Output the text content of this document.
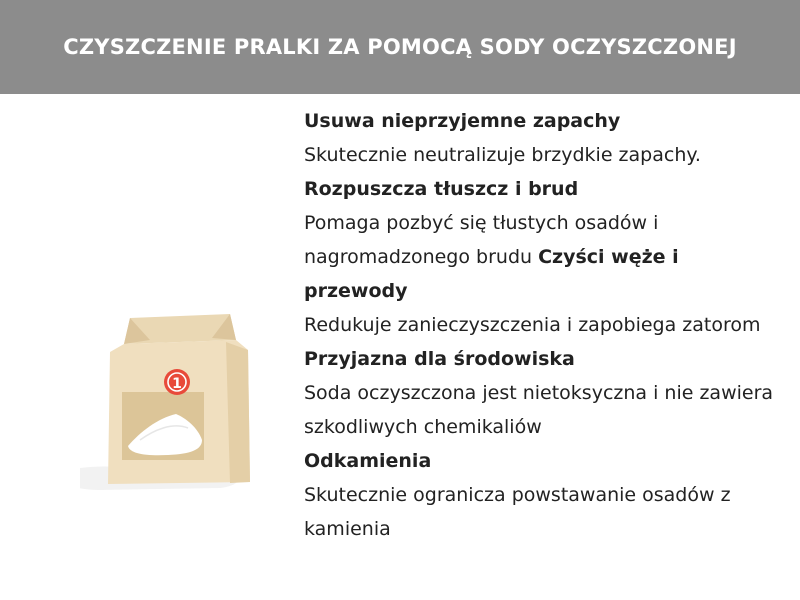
CZYSZCZENIE PRALKI ZA POMOCĄ SODY OCZYSZCZONEJ
1

Usuwa nieprzyjemne zapachy

Skutecznie neutralizuje brzydkie zapachy.

Rozpuszcza tłuszcz i brud

Pomaga pozbyć się tłustych osadów i nagromadzonego brudu Czyści węże i przewody

Redukuje zanieczyszczenia i zapobiega zatorom

Przyjazna dla środowiska

Soda oczyszczona jest nietoksyczna i nie zawiera szkodliwych chemikaliów

Odkamienia

Skutecznie ogranicza powstawanie osadów z kamienia
